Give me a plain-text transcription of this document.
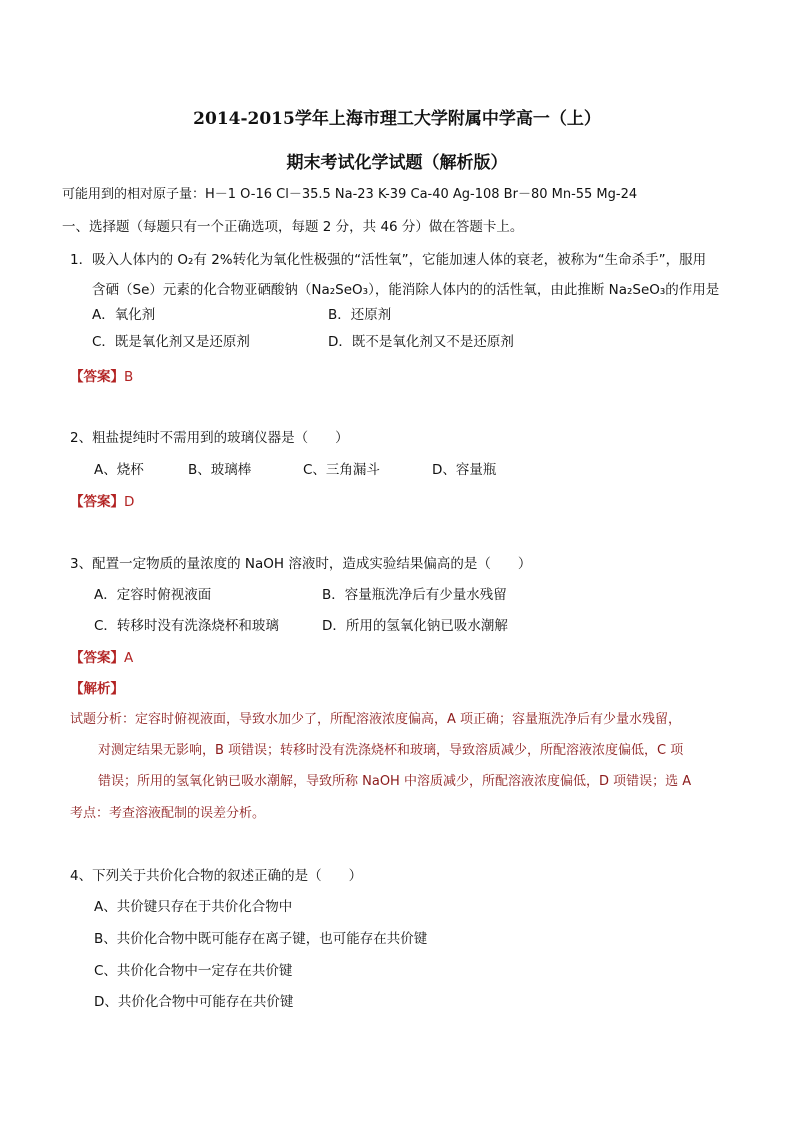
2014-2015学年上海市理工大学附属中学高一（上）
期末考试化学试题（解析版）
可能用到的相对原子量：H－1 O-16 Cl－35.5 Na-23 K-39 Ca-40 Ag-108 Br－80 Mn-55 Mg-24
一、选择题（每题只有一个正确选项，每题 2 分，共 46 分）做在答题卡上。
1．吸入人体内的 O₂有 2%转化为氧化性极强的“活性氧”，它能加速人体的衰老，被称为“生命杀手”，服用
含硒（Se）元素的化合物亚硒酸钠（Na₂SeO₃），能消除人体内的的活性氧，由此推断 Na₂SeO₃的作用是
A．氧化剂	B．还原剂
C．既是氧化剂又是还原剂	D．既不是氧化剂又不是还原剂
【答案】B
2、粗盐提纯时不需用到的玻璃仪器是（　　）
A、烧杯	B、玻璃棒	C、三角漏斗	D、容量瓶
【答案】D
3、配置一定物质的量浓度的 NaOH 溶液时，造成实验结果偏高的是（　　）
A．定容时俯视液面	B．容量瓶洗净后有少量水残留
C．转移时没有洗涤烧杯和玻璃	D．所用的氢氧化钠已吸水潮解
【答案】A
【解析】
试题分析：定容时俯视液面，导致水加少了，所配溶液浓度偏高，A 项正确；容量瓶洗净后有少量水残留，
对测定结果无影响，B 项错误；转移时没有洗涤烧杯和玻璃，导致溶质减少，所配溶液浓度偏低，C 项
错误；所用的氢氧化钠已吸水潮解，导致所称 NaOH 中溶质减少，所配溶液浓度偏低，D 项错误；选 A
考点：考查溶液配制的误差分析。
4、下列关于共价化合物的叙述正确的是（　　）
A、共价键只存在于共价化合物中
B、共价化合物中既可能存在离子键，也可能存在共价键
C、共价化合物中一定存在共价键
D、共价化合物中可能存在共价键
